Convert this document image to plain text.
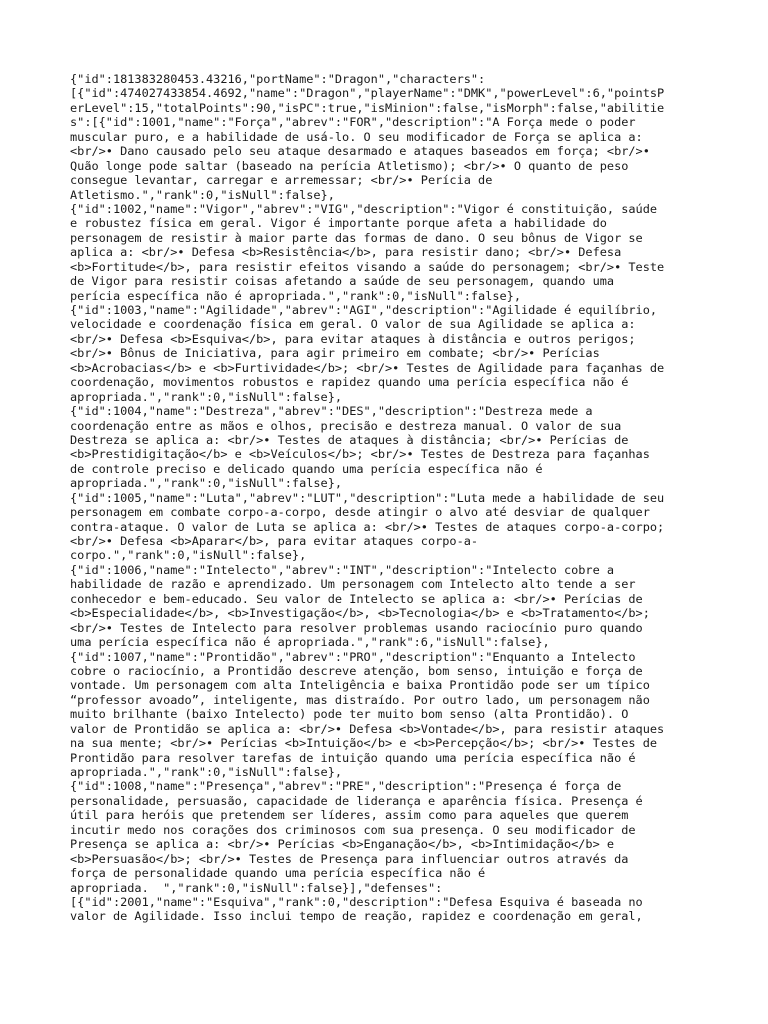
{"id":181383280453.43216,"portName":"Dragon","characters":
[{"id":474027433854.4692,"name":"Dragon","playerName":"DMK","powerLevel":6,"pointsP
erLevel":15,"totalPoints":90,"isPC":true,"isMinion":false,"isMorph":false,"abilitie
s":[{"id":1001,"name":"Força","abrev":"FOR","description":"A Força mede o poder
muscular puro, e a habilidade de usá-lo. O seu modificador de Força se aplica a:
<br/>• Dano causado pelo seu ataque desarmado e ataques baseados em força; <br/>•
Quão longe pode saltar (baseado na perícia Atletismo); <br/>• O quanto de peso
consegue levantar, carregar e arremessar; <br/>• Perícia de
Atletismo.","rank":0,"isNull":false},
{"id":1002,"name":"Vigor","abrev":"VIG","description":"Vigor é constituição, saúde
e robustez física em geral. Vigor é importante porque afeta a habilidade do
personagem de resistir à maior parte das formas de dano. O seu bônus de Vigor se
aplica a: <br/>• Defesa <b>Resistência</b>, para resistir dano; <br/>• Defesa
<b>Fortitude</b>, para resistir efeitos visando a saúde do personagem; <br/>• Teste
de Vigor para resistir coisas afetando a saúde de seu personagem, quando uma
perícia específica não é apropriada.","rank":0,"isNull":false},
{"id":1003,"name":"Agilidade","abrev":"AGI","description":"Agilidade é equilíbrio,
velocidade e coordenação física em geral. O valor de sua Agilidade se aplica a:
<br/>• Defesa <b>Esquiva</b>, para evitar ataques à distância e outros perigos;
<br/>• Bônus de Iniciativa, para agir primeiro em combate; <br/>• Perícias
<b>Acrobacias</b> e <b>Furtividade</b>; <br/>• Testes de Agilidade para façanhas de
coordenação, movimentos robustos e rapidez quando uma perícia específica não é
apropriada.","rank":0,"isNull":false},
{"id":1004,"name":"Destreza","abrev":"DES","description":"Destreza mede a
coordenação entre as mãos e olhos, precisão e destreza manual. O valor de sua
Destreza se aplica a: <br/>• Testes de ataques à distância; <br/>• Perícias de
<b>Prestidigitação</b> e <b>Veículos</b>; <br/>• Testes de Destreza para façanhas
de controle preciso e delicado quando uma perícia específica não é
apropriada.","rank":0,"isNull":false},
{"id":1005,"name":"Luta","abrev":"LUT","description":"Luta mede a habilidade de seu
personagem em combate corpo-a-corpo, desde atingir o alvo até desviar de qualquer
contra-ataque. O valor de Luta se aplica a: <br/>• Testes de ataques corpo-a-corpo;
<br/>• Defesa <b>Aparar</b>, para evitar ataques corpo-a-
corpo.","rank":0,"isNull":false},
{"id":1006,"name":"Intelecto","abrev":"INT","description":"Intelecto cobre a
habilidade de razão e aprendizado. Um personagem com Intelecto alto tende a ser
conhecedor e bem-educado. Seu valor de Intelecto se aplica a: <br/>• Perícias de
<b>Especialidade</b>, <b>Investigação</b>, <b>Tecnologia</b> e <b>Tratamento</b>;
<br/>• Testes de Intelecto para resolver problemas usando raciocínio puro quando
uma perícia específica não é apropriada.","rank":6,"isNull":false},
{"id":1007,"name":"Prontidão","abrev":"PRO","description":"Enquanto a Intelecto
cobre o raciocínio, a Prontidão descreve atenção, bom senso, intuição e força de
vontade. Um personagem com alta Inteligência e baixa Prontidão pode ser um típico
“professor avoado”, inteligente, mas distraído. Por outro lado, um personagem não
muito brilhante (baixo Intelecto) pode ter muito bom senso (alta Prontidão). O
valor de Prontidão se aplica a: <br/>• Defesa <b>Vontade</b>, para resistir ataques
na sua mente; <br/>• Perícias <b>Intuição</b> e <b>Percepção</b>; <br/>• Testes de
Prontidão para resolver tarefas de intuição quando uma perícia específica não é
apropriada.","rank":0,"isNull":false},
{"id":1008,"name":"Presença","abrev":"PRE","description":"Presença é força de
personalidade, persuasão, capacidade de liderança e aparência física. Presença é
útil para heróis que pretendem ser líderes, assim como para aqueles que querem
incutir medo nos corações dos criminosos com sua presença. O seu modificador de
Presença se aplica a: <br/>• Perícias <b>Enganação</b>, <b>Intimidação</b> e
<b>Persuasão</b>; <br/>• Testes de Presença para influenciar outros através da
força de personalidade quando uma perícia específica não é
apropriada.  ","rank":0,"isNull":false}],"defenses":
[{"id":2001,"name":"Esquiva","rank":0,"description":"Defesa Esquiva é baseada no
valor de Agilidade. Isso inclui tempo de reação, rapidez e coordenação em geral,
